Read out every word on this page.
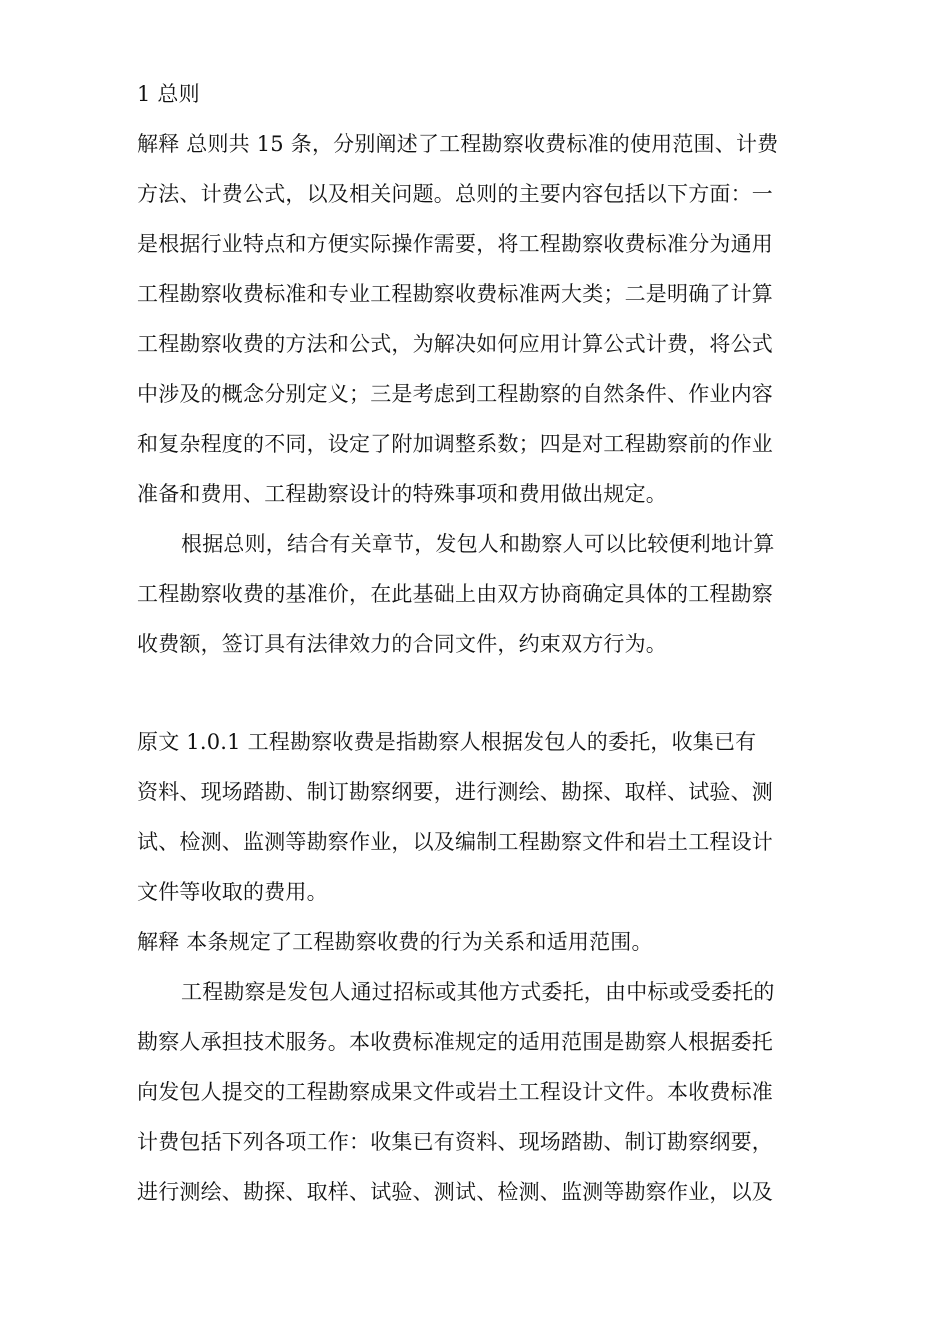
1 总则
解释 总则共 15 条，分别阐述了工程勘察收费标准的使用范围、计费
方法、计费公式，以及相关问题。总则的主要内容包括以下方面：一
是根据行业特点和方便实际操作需要，将工程勘察收费标准分为通用
工程勘察收费标准和专业工程勘察收费标准两大类；二是明确了计算
工程勘察收费的方法和公式，为解决如何应用计算公式计费，将公式
中涉及的概念分别定义；三是考虑到工程勘察的自然条件、作业内容
和复杂程度的不同，设定了附加调整系数；四是对工程勘察前的作业
准备和费用、工程勘察设计的特殊事项和费用做出规定。
根据总则，结合有关章节，发包人和勘察人可以比较便利地计算
工程勘察收费的基准价，在此基础上由双方协商确定具体的工程勘察
收费额，签订具有法律效力的合同文件，约束双方行为。
原文 1.0.1 工程勘察收费是指勘察人根据发包人的委托，收集已有
资料、现场踏勘、制订勘察纲要，进行测绘、勘探、取样、试验、测
试、检测、监测等勘察作业，以及编制工程勘察文件和岩土工程设计
文件等收取的费用。
解释 本条规定了工程勘察收费的行为关系和适用范围。
工程勘察是发包人通过招标或其他方式委托，由中标或受委托的
勘察人承担技术服务。本收费标准规定的适用范围是勘察人根据委托
向发包人提交的工程勘察成果文件或岩土工程设计文件。本收费标准
计费包括下列各项工作：收集已有资料、现场踏勘、制订勘察纲要，
进行测绘、勘探、取样、试验、测试、检测、监测等勘察作业，以及
